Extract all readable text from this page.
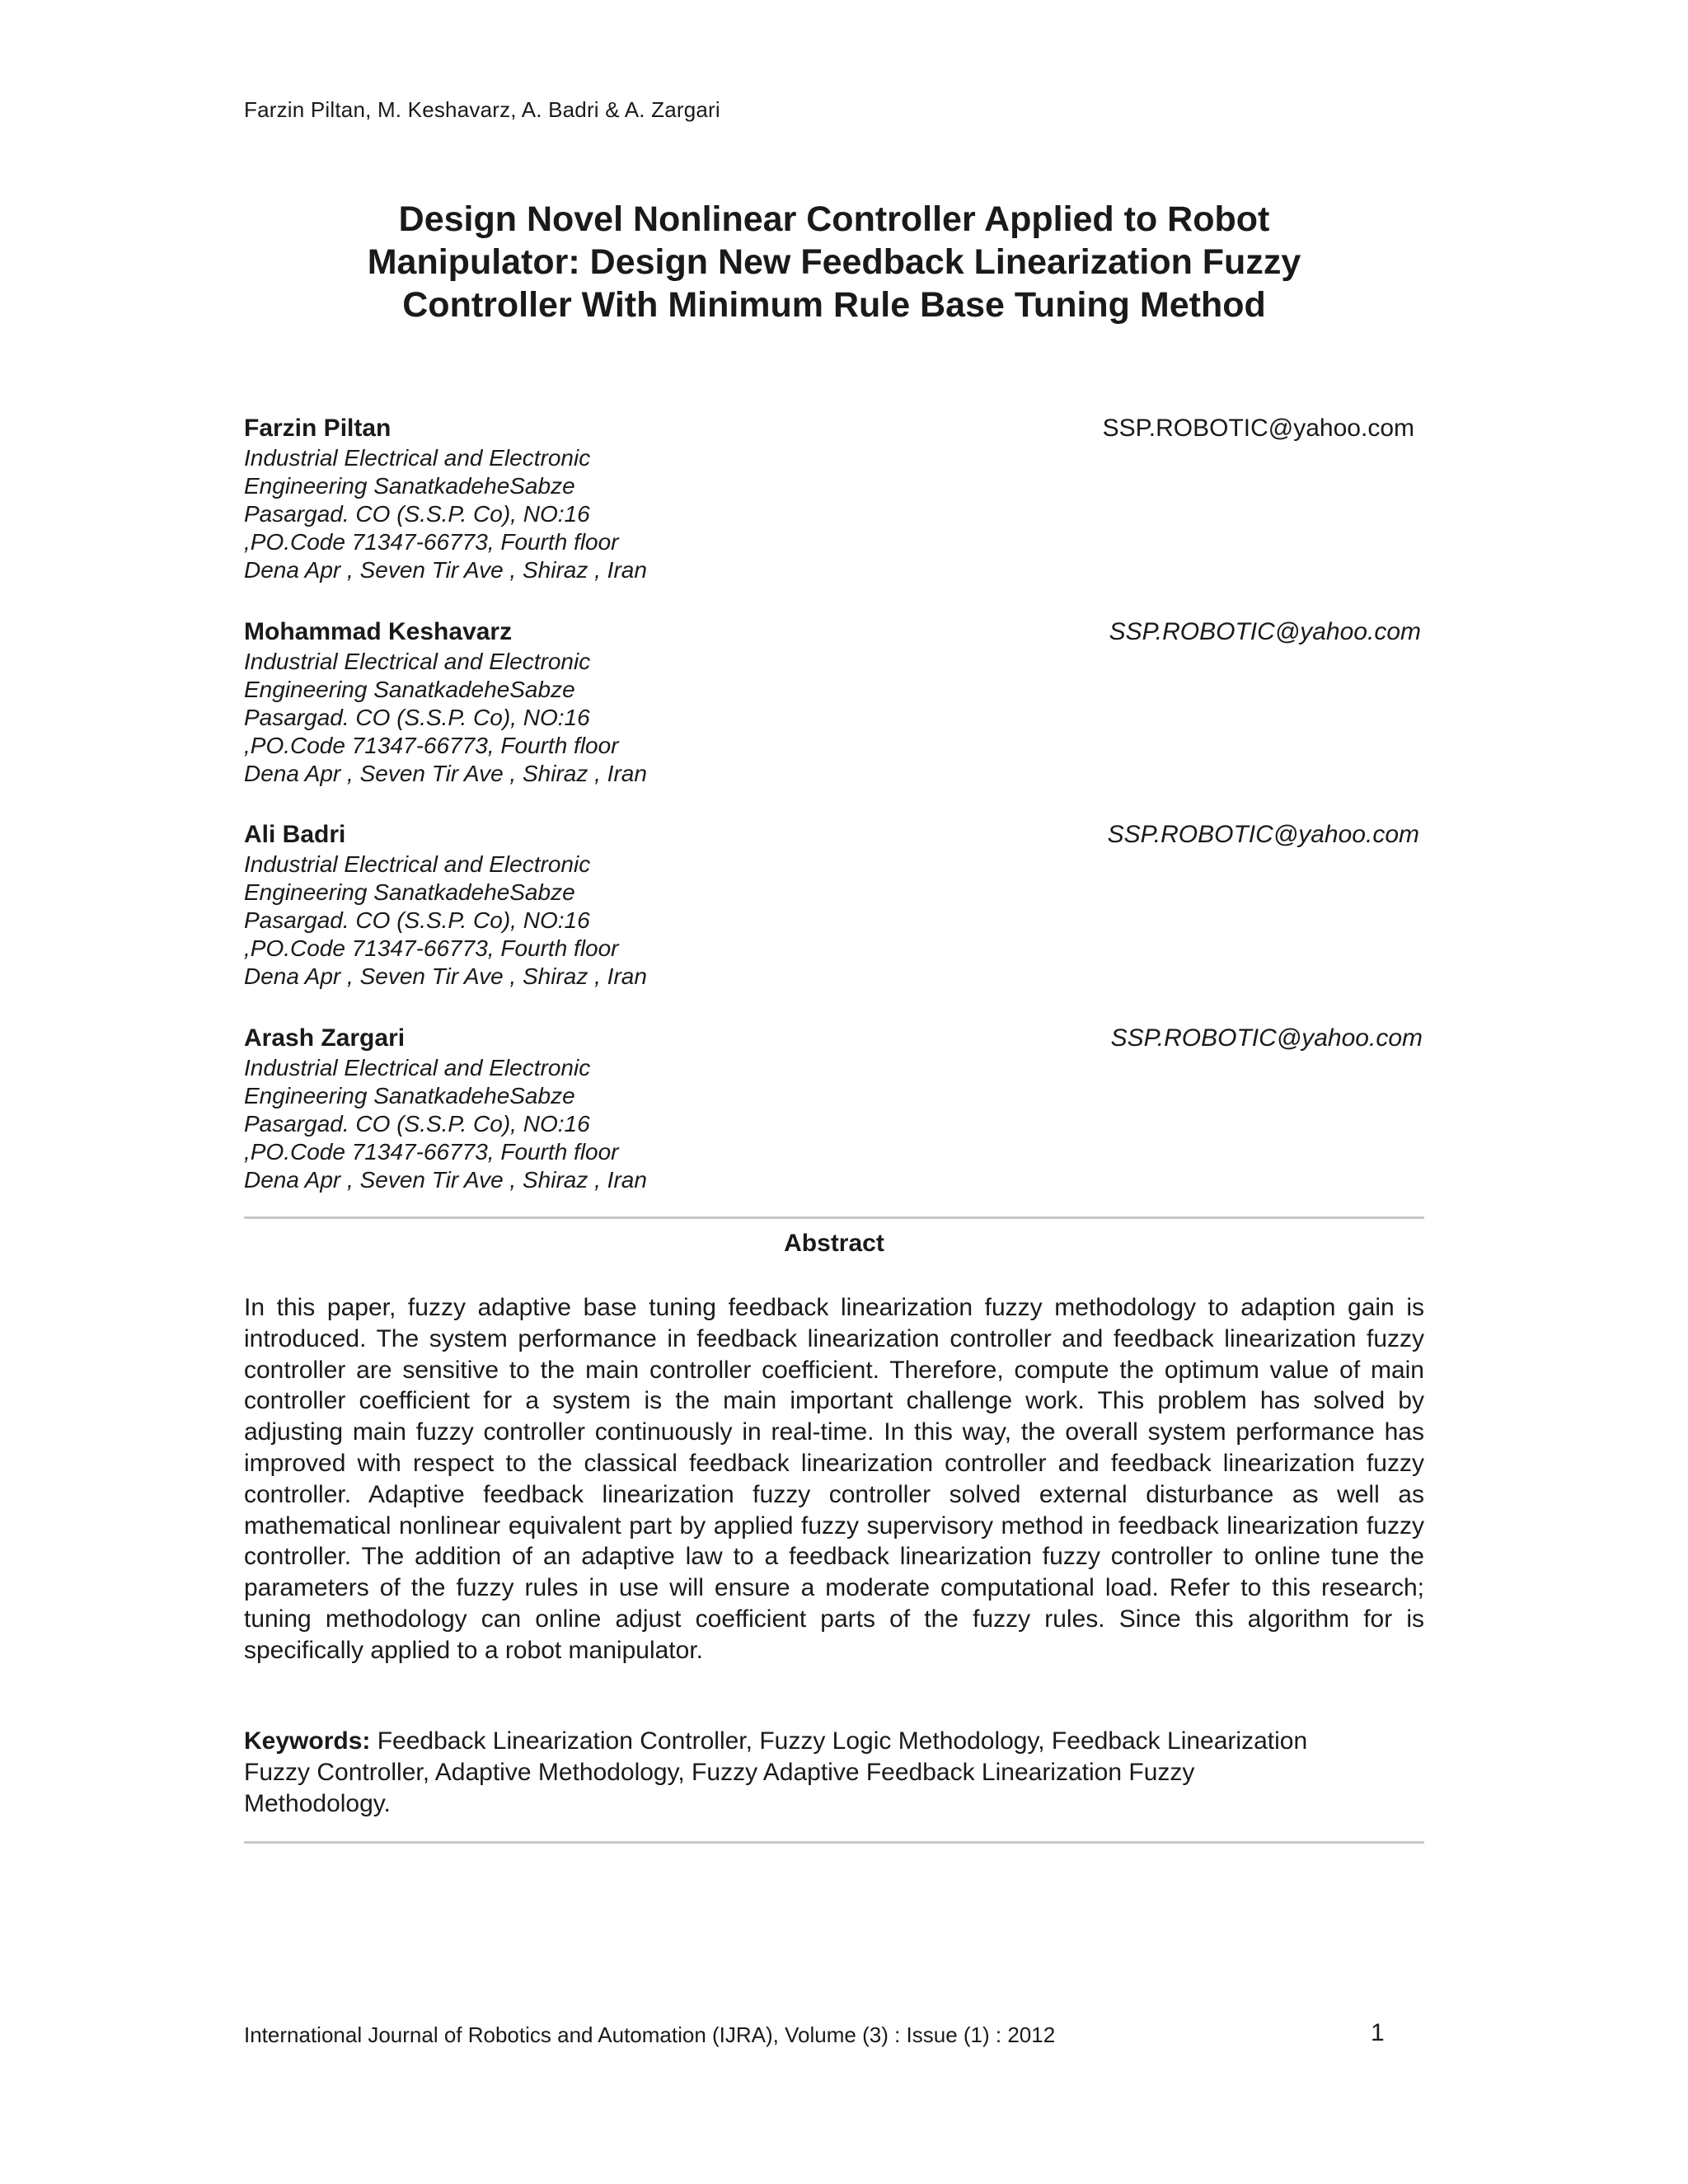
Farzin Piltan, M. Keshavarz, A. Badri & A. Zargari
Design Novel Nonlinear Controller Applied to Robot
Manipulator: Design New Feedback Linearization Fuzzy
Controller With Minimum Rule Base Tuning Method
Farzin Piltan
Industrial Electrical and Electronic
Engineering SanatkadeheSabze
Pasargad. CO (S.S.P. Co), NO:16
,PO.Code 71347-66773, Fourth floor
Dena Apr , Seven Tir Ave , Shiraz , Iran
SSP.ROBOTIC@yahoo.com
Mohammad Keshavarz
Industrial Electrical and Electronic
Engineering SanatkadeheSabze
Pasargad. CO (S.S.P. Co), NO:16
,PO.Code 71347-66773, Fourth floor
Dena Apr , Seven Tir Ave , Shiraz , Iran
SSP.ROBOTIC@yahoo.com
Ali Badri
Industrial Electrical and Electronic
Engineering SanatkadeheSabze
Pasargad. CO (S.S.P. Co), NO:16
,PO.Code 71347-66773, Fourth floor
Dena Apr , Seven Tir Ave , Shiraz , Iran
SSP.ROBOTIC@yahoo.com
Arash Zargari
Industrial Electrical and Electronic
Engineering SanatkadeheSabze
Pasargad. CO (S.S.P. Co), NO:16
,PO.Code 71347-66773, Fourth floor
Dena Apr , Seven Tir Ave , Shiraz , Iran
SSP.ROBOTIC@yahoo.com
Abstract

In this paper, fuzzy adaptive base tuning feedback linearization fuzzy methodology to adaption gain is introduced. The system performance in feedback linearization controller and feedback linearization fuzzy controller are sensitive to the main controller coefficient. Therefore, compute the optimum value of main controller coefficient for a system is the main important challenge work. This problem has solved by adjusting main fuzzy controller continuously in real-time. In this way, the overall system performance has improved with respect to the classical feedback linearization controller and feedback linearization fuzzy controller. Adaptive feedback linearization fuzzy controller solved external disturbance as well as mathematical nonlinear equivalent part by applied fuzzy supervisory method in feedback linearization fuzzy controller. The addition of an adaptive law to a feedback linearization fuzzy controller to online tune the parameters of the fuzzy rules in use will ensure a moderate computational load. Refer to this research; tuning methodology can online adjust coefficient parts of the fuzzy rules. Since this algorithm for is specifically applied to a robot manipulator.

Keywords: Feedback Linearization Controller, Fuzzy Logic Methodology, Feedback Linearization
Fuzzy Controller, Adaptive Methodology, Fuzzy Adaptive Feedback Linearization Fuzzy
Methodology.
International Journal of Robotics and Automation (IJRA), Volume (3) : Issue (1) : 2012	1
